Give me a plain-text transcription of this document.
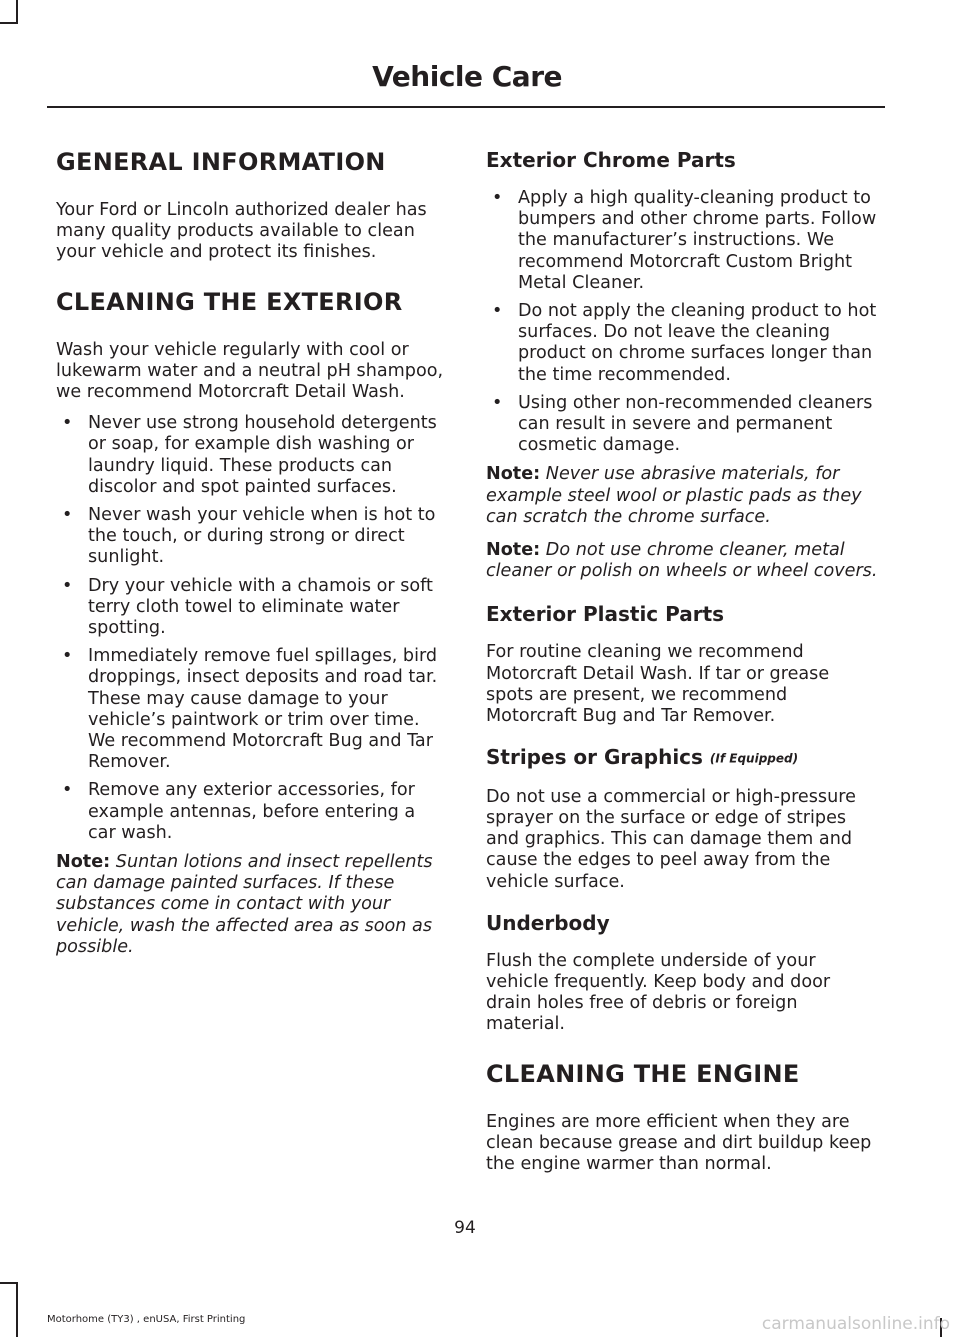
Vehicle Care
GENERAL INFORMATION

Your Ford or Lincoln authorized dealer has many quality products available to clean your vehicle and protect its finishes.

CLEANING THE EXTERIOR

Wash your vehicle regularly with cool or lukewarm water and a neutral pH shampoo, we recommend Motorcraft Detail Wash.

• Never use strong household detergents or soap, for example dish washing or laundry liquid. These products can discolor and spot painted surfaces.
• Never wash your vehicle when is hot to the touch, or during strong or direct sunlight.
• Dry your vehicle with a chamois or soft terry cloth towel to eliminate water spotting.
• Immediately remove fuel spillages, bird droppings, insect deposits and road tar. These may cause damage to your vehicle’s paintwork or trim over time. We recommend Motorcraft Bug and Tar Remover.
• Remove any exterior accessories, for example antennas, before entering a car wash.

Note: Suntan lotions and insect repellents can damage painted surfaces. If these substances come in contact with your vehicle, wash the affected area as soon as possible.

Exterior Chrome Parts
• Apply a high quality-cleaning product to bumpers and other chrome parts. Follow the manufacturer’s instructions. We recommend Motorcraft Custom Bright Metal Cleaner.
• Do not apply the cleaning product to hot surfaces. Do not leave the cleaning product on chrome surfaces longer than the time recommended.
• Using other non-recommended cleaners can result in severe and permanent cosmetic damage.

Note: Never use abrasive materials, for example steel wool or plastic pads as they can scratch the chrome surface.

Note: Do not use chrome cleaner, metal cleaner or polish on wheels or wheel covers.

Exterior Plastic Parts

For routine cleaning we recommend Motorcraft Detail Wash. If tar or grease spots are present, we recommend Motorcraft Bug and Tar Remover.

Stripes or Graphics (If Equipped)

Do not use a commercial or high-pressure sprayer on the surface or edge of stripes and graphics. This can damage them and cause the edges to peel away from the vehicle surface.

Underbody

Flush the complete underside of your vehicle frequently. Keep body and door drain holes free of debris or foreign material.

CLEANING THE ENGINE

Engines are more efficient when they are clean because grease and dirt buildup keep the engine warmer than normal.

94

Motorhome (TY3) , enUSA, First Printing	carmanualsonline.info
